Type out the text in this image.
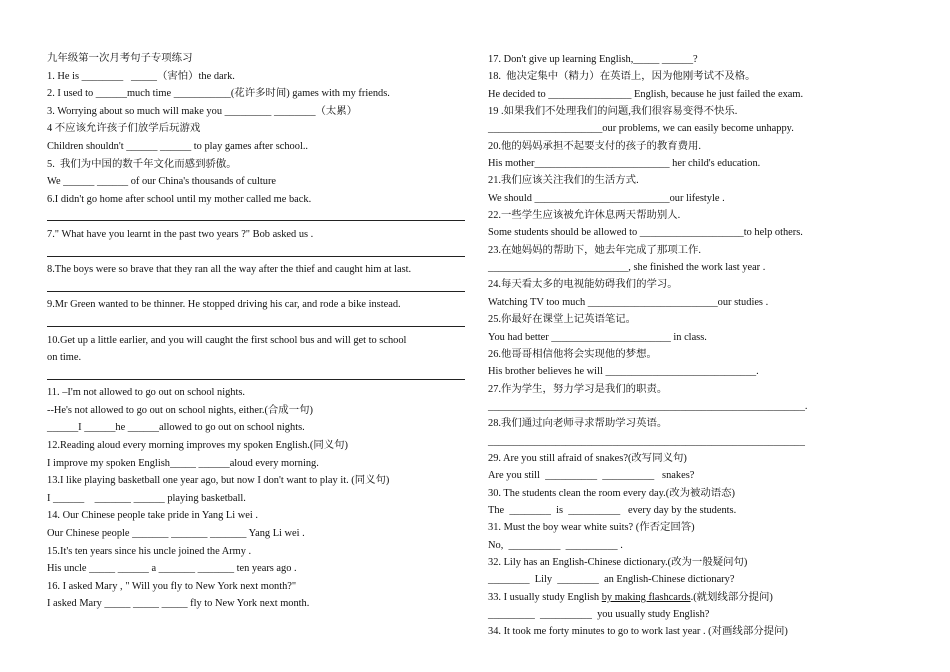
九年级第一次月考句子专项练习
1. He is ________   _____（害怕）the dark.
2. I used to ______much time ___________(花许多时间) games with my friends.
3. Worrying about so much will make you _________ ________（太累）
4 不应该允许孩子们放学后玩游戏
Children shouldn't ______ ______ to play games after school..
5.  我们为中国的数千年文化而感到骄傲。
We ______ ______ of our China's thousands of culture
6.I didn't go home after school until my mother called me back.
7." What have you learnt in the past two years ?" Bob asked us .
8.The boys were so brave that they ran all the way after the thief and caught him at last.
9.Mr Green wanted to be thinner. He stopped driving his car, and rode a bike instead.
10.Get up a little earlier, and you will caught the first school bus and will get to school
on time.
11. –I'm not allowed to go out on school nights.
--He's not allowed to go out on school nights, either.(合成一句)
______I ______he ______allowed to go out on school nights.
12.Reading aloud every morning improves my spoken English.(同义句)
I improve my spoken English_____ ______aloud every morning.
13.I like playing basketball one year ago, but now I don't want to play it. (同义句)
I ______    _______ ______ playing basketball.
14. Our Chinese people take pride in Yang Li wei .
Our Chinese people _______ _______ _______ Yang Li wei .
15.It's ten years since his uncle joined the Army .
His uncle _____ ______ a _______ _______ ten years ago .
16. I asked Mary , " Will you fly to New York next month?"
I asked Mary _____ _____ _____ fly to New York next month.
17. Don't give up learning English,_____ ______?
18.  他决定集中（精力）在英语上，因为他刚考试不及格。
He decided to ________________ English, because he just failed the exam.
19 .如果我们不处理我们的问题,我们很容易变得不快乐.
______________________our problems, we can easily become unhappy.
20.他的妈妈承担不起要支付的孩子的教育费用.
His mother__________________________ her child's education.
21.我们应该关注我们的生活方式.
We should __________________________our lifestyle .
22.一些学生应该被允许休息两天帮助别人.
Some students should be allowed to ____________________to help others.
23.在她妈妈的帮助下，她去年完成了那项工作.
___________________________, she finished the work last year .
24.每天看太多的电视能妨碍我们的学习。
Watching TV too much _________________________our studies .
25.你最好在课堂上记英语笔记。
You had better _______________________ in class.
26.他哥哥相信他将会实现他的梦想。
His brother believes he will _____________________________.
27.作为学生，努力学习是我们的职责。
_____________________________________________________________.
28.我们通过向老师寻求帮助学习英语。
_____________________________________________________________
29. Are you still afraid of snakes?(改写同义句)
Are you still  __________  __________   snakes?
30. The students clean the room every day.(改为被动语态)
The  ________  is  __________   every day by the students.
31. Must the boy wear white suits? (作否定回答)
No,  __________  __________ .
32. Lily has an English-Chinese dictionary.(改为一般疑问句)
________  Lily  ________  an English-Chinese dictionary?
33. I usually study English by making flashcards.(就划线部分提问)
_________  __________  you usually study English?
34. It took me forty minutes to go to work last year . (对画线部分提问)
